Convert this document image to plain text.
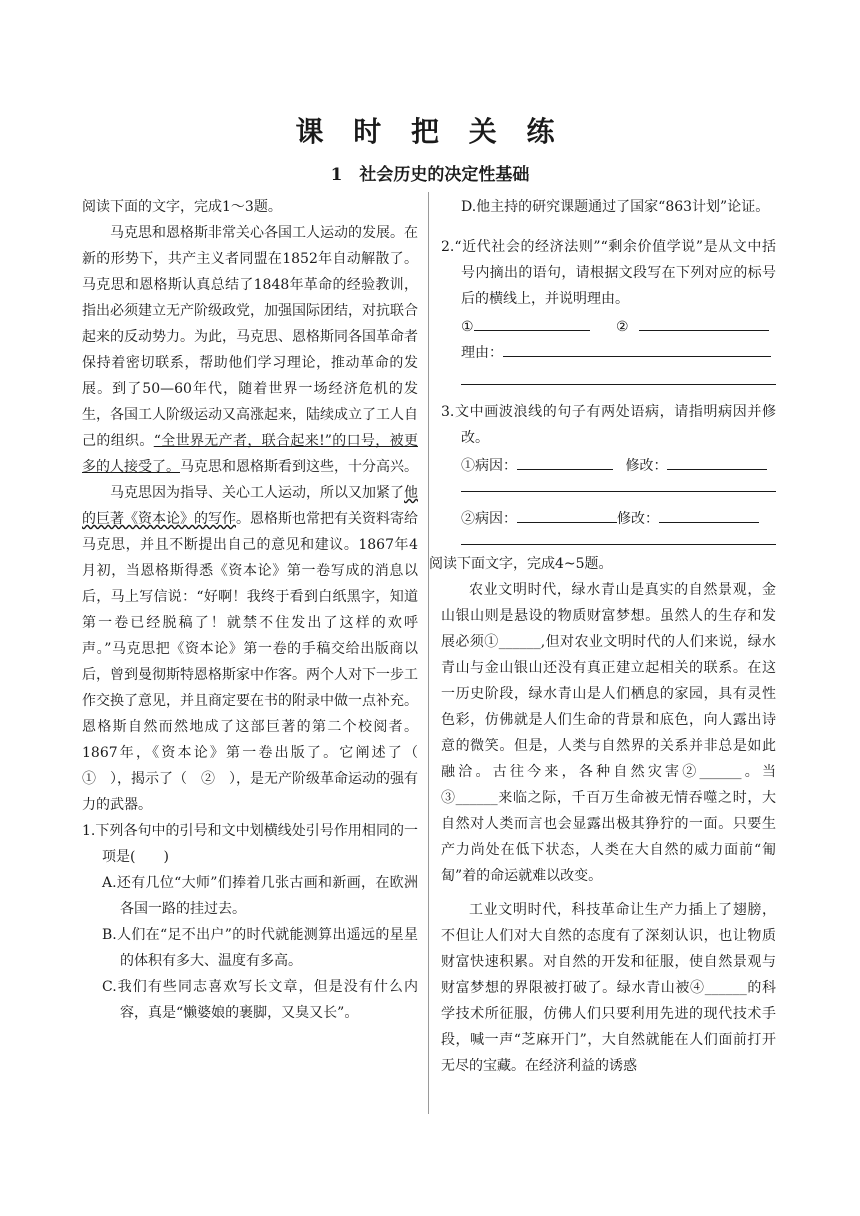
课 时 把 关 练
1　社会历史的决定性基础

阅读下面的文字，完成1～3题。

马克思和恩格斯非常关心各国工人运动的发展。在新的形势下，共产主义者同盟在1852年自动解散了。马克思和恩格斯认真总结了1848年革命的经验教训，指出必须建立无产阶级政党，加强国际团结，对抗联合起来的反动势力。为此，马克思、恩格斯同各国革命者保持着密切联系，帮助他们学习理论，推动革命的发展。到了50—60年代，随着世界一场经济危机的发生，各国工人阶级运动又高涨起来，陆续成立了工人自己的组织。“全世界无产者，联合起来!”的口号，被更多的人接受了。马克思和恩格斯看到这些，十分高兴。

马克思因为指导、关心工人运动，所以又加紧了他的巨著《资本论》的写作。恩格斯也常把有关资料寄给马克思，并且不断提出自己的意见和建议。1867年4月初，当恩格斯得悉《资本论》第一卷写成的消息以后，马上写信说：“好啊！我终于看到白纸黑字，知道第一卷已经脱稿了！就禁不住发出了这样的欢呼声。”马克思把《资本论》第一卷的手稿交给出版商以后，曾到曼彻斯特恩格斯家中作客。两个人对下一步工作交换了意见，并且商定要在书的附录中做一点补充。恩格斯自然而然地成了这部巨著的第二个校阅者。1867年，《资本论》第一卷出版了。它阐述了（　①　），揭示了（　②　），是无产阶级革命运动的强有力的武器。

1.下列各句中的引号和文中划横线处引号作用相同的一项是(　　)

A.还有几位“大师”们捧着几张古画和新画，在欧洲各国一路的挂过去。

B.人们在“足不出户”的时代就能测算出遥远的星星的体积有多大、温度有多高。

C.我们有些同志喜欢写长文章，但是没有什么内容，真是“懒婆娘的裹脚，又臭又长”。

D.他主持的研究课题通过了国家“863计划”论证。

2.“近代社会的经济法则”“剩余价值学说”是从文中括号内摘出的语句，请根据文段写在下列对应的标号后的横线上，并说明理由。

①	②
理由：

3.文中画波浪线的句子有两处语病，请指明病因并修改。

①病因：	修改：
②病因：	修改：

阅读下面文字，完成4~5题。

农业文明时代，绿水青山是真实的自然景观，金山银山则是悬设的物质财富梦想。虽然人的生存和发展必须①______,但对农业文明时代的人们来说，绿水青山与金山银山还没有真正建立起相关的联系。在这一历史阶段，绿水青山是人们栖息的家园，具有灵性色彩，仿佛就是人们生命的背景和底色，向人露出诗意的微笑。但是，人类与自然界的关系并非总是如此融洽。古往今来，各种自然灾害②______。当③______来临之际，千百万生命被无情吞噬之时，大自然对人类而言也会显露出极其狰狞的一面。只要生产力尚处在低下状态，人类在大自然的威力面前“匍匐”着的命运就难以改变。

工业文明时代，科技革命让生产力插上了翅膀，不但让人们对大自然的态度有了深刻认识，也让物质财富快速积累。对自然的开发和征服，使自然景观与财富梦想的界限被打破了。绿水青山被④______的科学技术所征服，仿佛人们只要利用先进的现代技术手段，喊一声“芝麻开门”，大自然就能在人们面前打开无尽的宝藏。在经济利益的诱惑
